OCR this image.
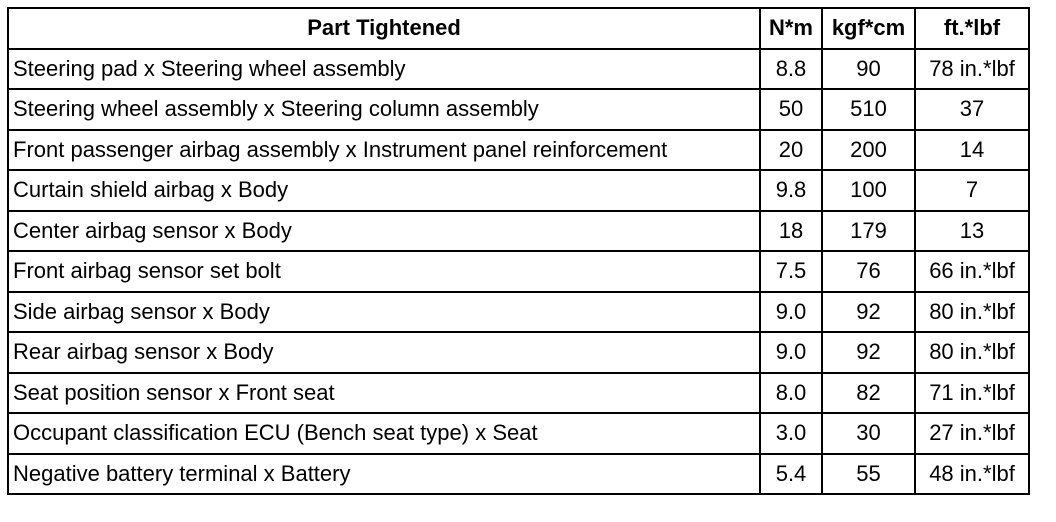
Part Tightened	N*m	kgf*cm	ft.*lbf
Steering pad x Steering wheel assembly	8.8	90	78 in.*lbf
Steering wheel assembly x Steering column assembly	50	510	37
Front passenger airbag assembly x Instrument panel reinforcement	20	200	14
Curtain shield airbag x Body	9.8	100	7
Center airbag sensor x Body	18	179	13
Front airbag sensor set bolt	7.5	76	66 in.*lbf
Side airbag sensor x Body	9.0	92	80 in.*lbf
Rear airbag sensor x Body	9.0	92	80 in.*lbf
Seat position sensor x Front seat	8.0	82	71 in.*lbf
Occupant classification ECU (Bench seat type) x Seat	3.0	30	27 in.*lbf
Negative battery terminal x Battery	5.4	55	48 in.*lbf
